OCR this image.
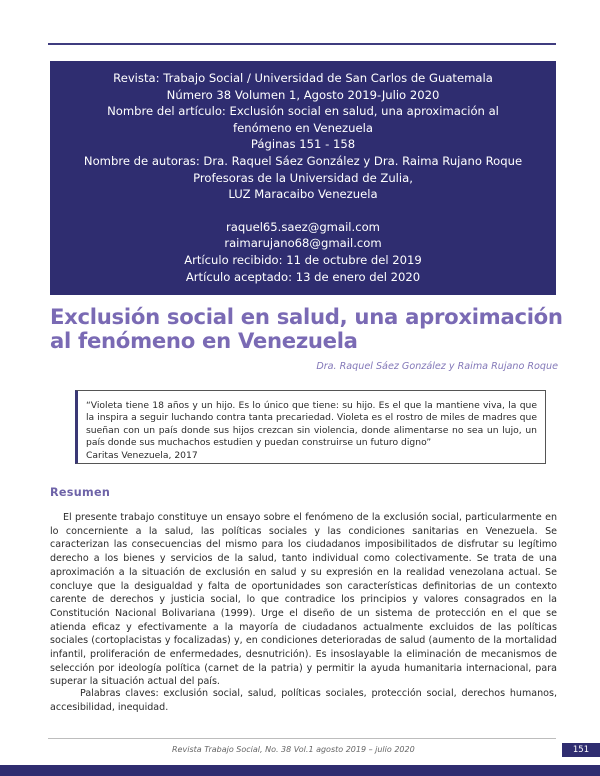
Revista: Trabajo Social / Universidad de San Carlos de Guatemala
Número 38 Volumen 1, Agosto 2019-Julio 2020
Nombre del artículo: Exclusión social en salud, una aproximación al
fenómeno en Venezuela
Páginas 151 - 158
Nombre de autoras: Dra. Raquel Sáez González y Dra. Raima Rujano Roque
Profesoras de la Universidad de Zulia,
LUZ Maracaibo Venezuela
raquel65.saez@gmail.com
raimarujano68@gmail.com
Artículo recibido: 11 de octubre del 2019
Artículo aceptado: 13 de enero del 2020
Exclusión social en salud, una aproximación
al fenómeno en Venezuela
Dra. Raquel Sáez González y Raima Rujano Roque
“Violeta tiene 18 años y un hijo. Es lo único que tiene: su hijo. Es el que la mantiene viva, la que la inspira a seguir luchando contra tanta precariedad. Violeta es el rostro de miles de madres que sueñan con un país donde sus hijos crezcan sin violencia, donde alimentarse no sea un lujo, un país donde sus muchachos estudien y puedan construirse un futuro digno”
Caritas Venezuela, 2017
Resumen

El presente trabajo constituye un ensayo sobre el fenómeno de la exclusión social, particularmente en lo concerniente a la salud, las políticas sociales y las condiciones sanitarias en Venezuela. Se caracterizan las consecuencias del mismo para los ciudadanos imposibilitados de disfrutar su legítimo derecho a los bienes y servicios de la salud, tanto individual como colectivamente. Se trata de una aproximación a la situación de exclusión en salud y su expresión en la realidad venezolana actual. Se concluye que la desigualdad y falta de oportunidades son características definitorias de un contexto carente de derechos y justicia social, lo que contradice los principios y valores consagrados en la Constitución Nacional Bolivariana (1999). Urge el diseño de un sistema de protección en el que se atienda eficaz y efectivamente a la mayoría de ciudadanos actualmente excluidos de las políticas sociales (cortoplacistas y focalizadas) y, en condiciones deterioradas de salud (aumento de la mortalidad infantil, proliferación de enfermedades, desnutrición). Es insoslayable la eliminación de mecanismos de selección por ideología política (carnet de la patria) y permitir la ayuda humanitaria internacional, para superar la situación actual del país.

Palabras claves: exclusión social, salud, políticas sociales, protección social, derechos humanos, accesibilidad, inequidad.

Revista Trabajo Social, No. 38 Vol.1 agosto 2019 – julio 2020	151
